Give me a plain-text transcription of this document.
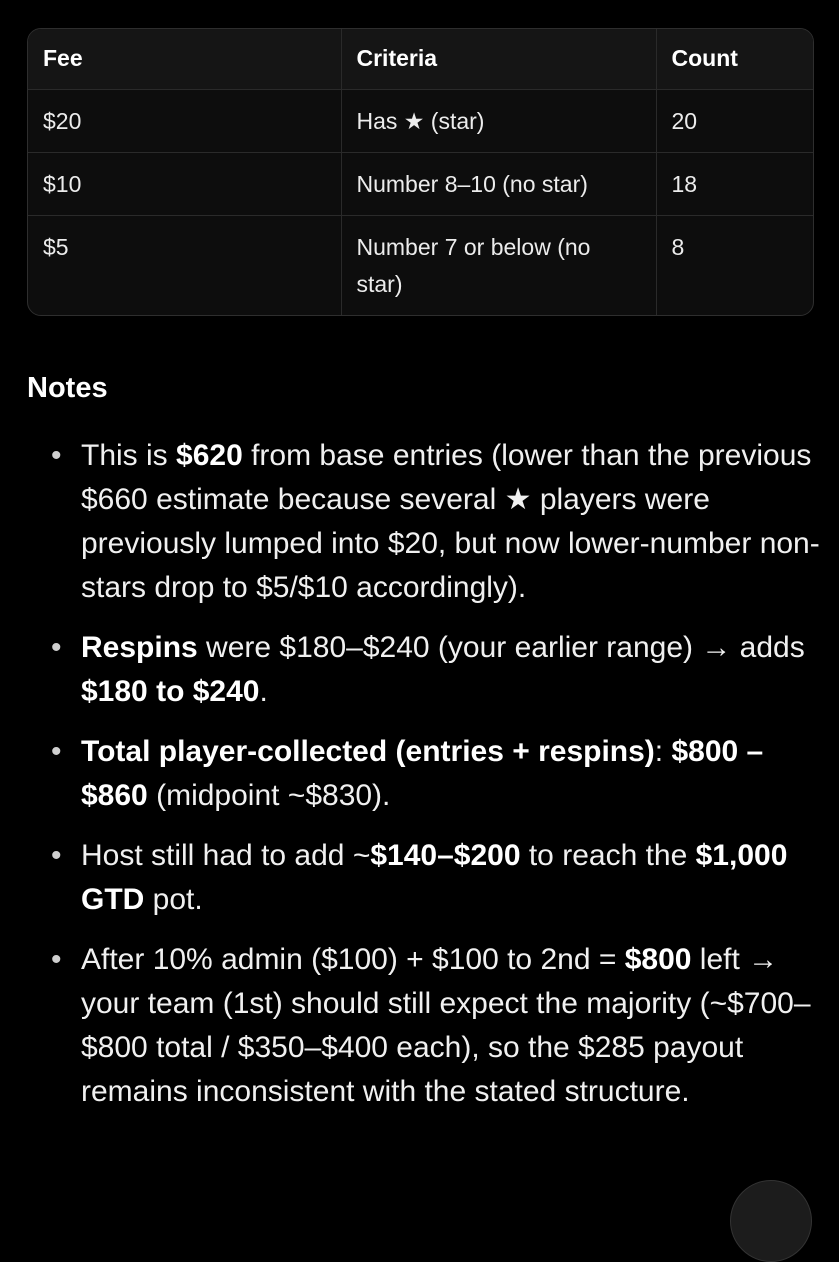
Fee	Criteria	Count
$20	Has ★ (star)	20
$10	Number 8–10 (no star)	18
$5	Number 7 or below (no star)	8
Notes
• This is $620 from base entries (lower than the previous $660 estimate because several ★ players were previously lumped into $20, but now lower-number non-stars drop to $5/$10 accordingly).
• Respins were $180–$240 (your earlier range) → adds $180 to $240.
• Total player-collected (entries + respins): $800 – $860 (midpoint ~$830).
• Host still had to add ~$140–$200 to reach the $1,000 GTD pot.
• After 10% admin ($100) + $100 to 2nd = $800 left → your team (1st) should still expect the majority (~$700–$800 total / $350–$400 each), so the $285 payout remains inconsistent with the stated structure.
